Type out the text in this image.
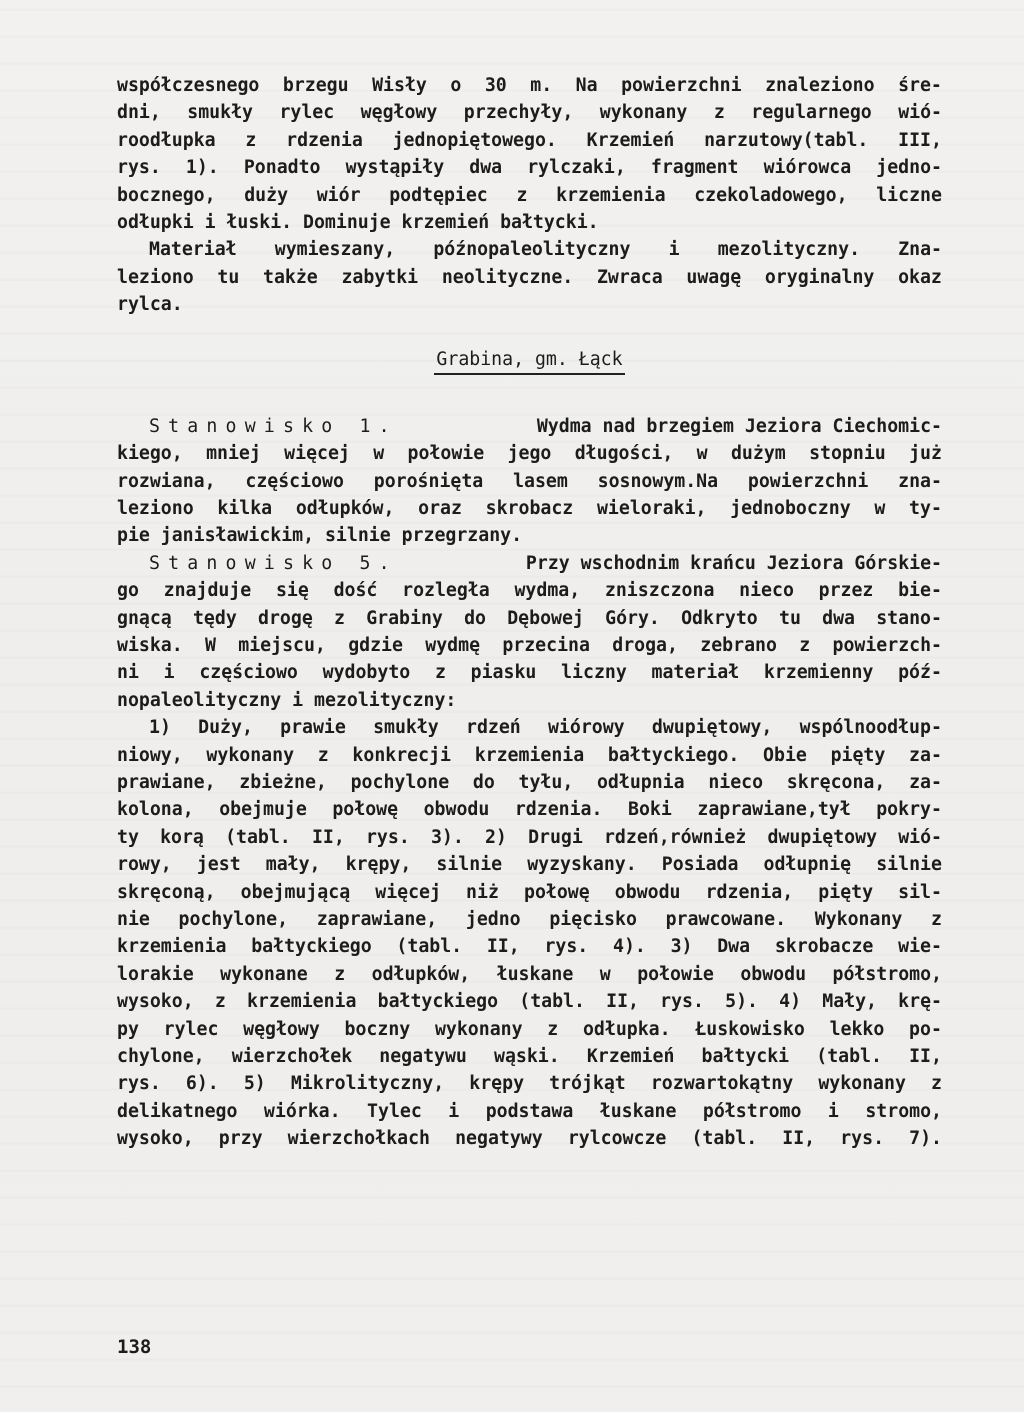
współczesnego brzegu Wisły o 30 m. Na powierzchni znaleziono śre-
dni, smukły rylec węgłowy przechyły, wykonany z regularnego wió-
roodłupka z rdzenia jednopiętowego. Krzemień narzutowy(tabl. III,
rys. 1). Ponadto wystąpiły dwa rylczaki, fragment wiórowca jedno-
bocznego, duży wiór podtępiec z krzemienia czekoladowego, liczne
odłupki i łuski. Dominuje krzemień bałtycki.
Materiał wymieszany, późnopaleolityczny i mezolityczny. Zna-
leziono tu także zabytki neolityczne. Zwraca uwagę oryginalny okaz
rylca.
Grabina, gm. Łąck
Stanowisko 1.	Wydma nad brzegiem Jeziora Ciechomic-
kiego, mniej więcej w połowie jego długości, w dużym stopniu już
rozwiana, częściowo porośnięta lasem sosnowym.Na powierzchni zna-
leziono kilka odłupków, oraz skrobacz wieloraki, jednoboczny w ty-
pie janisławickim, silnie przegrzany.
Stanowisko 5.	Przy wschodnim krańcu Jeziora Górskie-
go znajduje się dość rozległa wydma, zniszczona nieco przez bie-
gnącą tędy drogę z Grabiny do Dębowej Góry. Odkryto tu dwa stano-
wiska. W miejscu, gdzie wydmę przecina droga, zebrano z powierzch-
ni i częściowo wydobyto z piasku liczny materiał krzemienny póź-
nopaleolityczny i mezolityczny:
1) Duży, prawie smukły rdzeń wiórowy dwupiętowy, wspólnoodłup-
niowy, wykonany z konkrecji krzemienia bałtyckiego. Obie pięty za-
prawiane, zbieżne, pochylone do tyłu, odłupnia nieco skręcona, za-
kolona, obejmuje połowę obwodu rdzenia. Boki zaprawiane,tył pokry-
ty korą (tabl. II, rys. 3). 2) Drugi rdzeń,również dwupiętowy wió-
rowy, jest mały, krępy, silnie wyzyskany. Posiada odłupnię silnie
skręconą, obejmującą więcej niż połowę obwodu rdzenia, pięty sil-
nie pochylone, zaprawiane, jedno pięcisko prawcowane. Wykonany z
krzemienia bałtyckiego (tabl. II, rys. 4). 3) Dwa skrobacze wie-
lorakie wykonane z odłupków, łuskane w połowie obwodu półstromo,
wysoko, z krzemienia bałtyckiego (tabl. II, rys. 5). 4) Mały, krę-
py rylec węgłowy boczny wykonany z odłupka. Łuskowisko lekko po-
chylone, wierzchołek negatywu wąski. Krzemień bałtycki (tabl. II,
rys. 6). 5) Mikrolityczny, krępy trójkąt rozwartokątny wykonany z
delikatnego wiórka. Tylec i podstawa łuskane półstromo i stromo,
wysoko, przy wierzchołkach negatywy rylcowcze (tabl. II, rys. 7).
138
